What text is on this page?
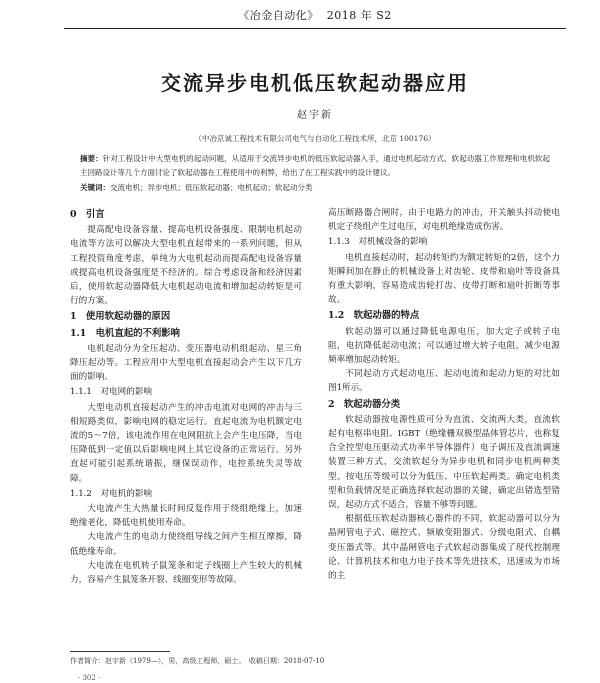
《冶金自动化》 2018 年 S2
交流异步电机低压软起动器应用
赵宇新
（中冶京诚工程技术有限公司电气与自动化工程技术所，北京 100176）
摘要：针对工程设计中大型电机的起动问题，从适用于交流异步电机的低压软起动器入手，通过电机起动方式、软起动器工作原理和电机软起主回路设计等几个方面讨论了软起动器在工程使用中的利弊，给出了在工程实践中的设计建议。
关键词：交流电机；异步电机；低压软起动器；电机起动；软起动分类
0　引言

提高配电设备容量、提高电机设备强度、限制电机起动电流等方法可以解决大型电机直起带来的一系列问题，但从工程投资角度考虑，单纯为大电机起动而提高配电设备容量或提高电机设备强度是不经济的。综合考虑设备和经济因素后，使用软起动器降低大电机起动电流和增加起动转矩是可行的方案。

1　使用软起动器的原因
1.1　电机直起的不利影响

电机起动分为全压起动、变压器电动机组起动、星三角降压起动等。工程应用中大型电机直接起动会产生以下几方面的影响。

1.1.1　对电网的影响

大型电动机直接起动产生的冲击电流对电网的冲击与三相短路类似，影响电网的稳定运行。直起电流为电机额定电流的5～7倍，该电流作用在电网阻抗上会产生电压降，当电压降低到一定值以后影响电网上其它设备的正常运行。另外直起可能引起系统谐振，继保误动作，电控系统失灵等故障。

1.1.2　对电机的影响

大电流产生大热量长时间反复作用于绕组绝缘上，加速绝缘老化，降低电机使用寿命。

大电流产生的电动力使绕组导线之间产生相互摩擦，降低绝缘寿命。

大电流在电机转子鼠笼条和定子线圈上产生较大的机械力，容易产生鼠笼条开裂、线圈变形等故障。

高压断路器合闸时，由于电路力的冲击，开关触头抖动使电机定子绕组产生过电压，对电机绝缘造成伤害。

1.1.3　对机械设备的影响

电机直接起动时，起动转矩约为额定转矩的2倍，这个力矩瞬间加在静止的机械设备上对齿轮、皮带和扇叶等设备具有重大影响，容易造成齿轮打齿、皮带打断和扇叶折断等事故。

1.2　软起动器的特点

软起动器可以通过降低电源电压，加大定子或转子电阻，电抗降低起动电流；可以通过增大转子电阻，减少电源频率增加起动转矩。

不同起动方式起动电压、起动电流和起动力矩的对比如图1所示。

2　软起动器分类

软起动器按电源性质可分为直流、交流两大类，直流软起有电枢串电阻、IGBT（绝缘栅双极型晶体管芯片，也称复合全控型电压驱动式功率半导体器件）电子调压及直流调速装置三种方式，交流软起分为异步电机和同步电机两种类型。按电压等级可以分为低压、中压软起两类。确定电机类型和负载情况是正确选择软起动器的关键，确定出错选型错误，起动方式不适合，容量不够等问题。

根据低压软起动器核心器件的不同，软起动器可以分为晶闸管电子式、磁控式、频敏变阻器式、分级电阻式、自耦变压器式等。其中晶闸管电子式软起动器集成了现代控制理论、计算机技术和电力电子技术等先进技术，迅速成为市场的主

作者简介：赵宇新（1979—），男，高级工程师，硕士。　收稿日期：2018-07-10
· 302 ·
